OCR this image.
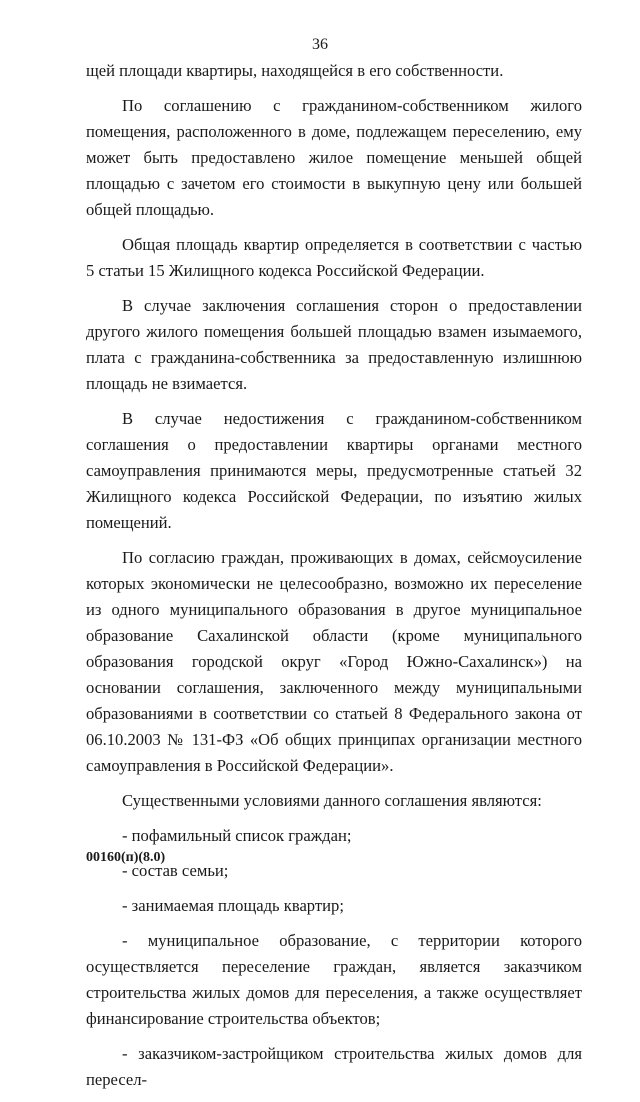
36

щей площади квартиры, находящейся в его собственности.

По соглашению с гражданином-собственником жилого помещения, расположенного в доме, подлежащем переселению, ему может быть предоставлено жилое помещение меньшей общей площадью с зачетом его стоимости в выкупную цену или большей общей площадью.

Общая площадь квартир определяется в соответствии с частью 5 статьи 15 Жилищного кодекса Российской Федерации.

В случае заключения соглашения сторон о предоставлении другого жилого помещения большей площадью взамен изымаемого, плата с гражданина-собственника за предоставленную излишнюю площадь не взимается.

В случае недостижения с гражданином-собственником соглашения о предоставлении квартиры органами местного самоуправления принимаются меры, предусмотренные статьей 32 Жилищного кодекса Российской Федерации, по изъятию жилых помещений.

По согласию граждан, проживающих в домах, сейсмоусиление которых экономически не целесообразно, возможно их переселение из одного муниципального образования в другое муниципальное образование Сахалинской области (кроме муниципального образования городской округ «Город Южно-Сахалинск») на основании соглашения, заключенного между муниципальными образованиями в соответствии со статьей 8 Федерального закона от 06.10.2003 № 131-ФЗ «Об общих принципах организации местного самоуправления в Российской Федерации».

Существенными условиями данного соглашения являются:

- пофамильный список граждан;

- состав семьи;

- занимаемая площадь квартир;

- муниципальное образование, с территории которого осуществляется переселение граждан, является заказчиком строительства жилых домов для переселения, а также осуществляет финансирование строительства объектов;

- заказчиком-застройщиком строительства жилых домов для пересел-

00160(п)(8.0)
